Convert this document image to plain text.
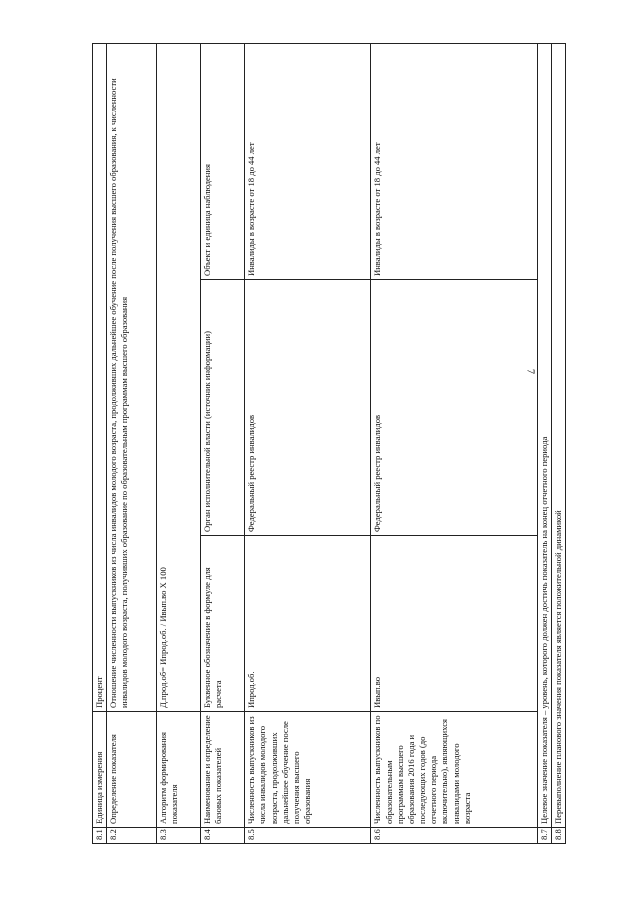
7
8.1	Единица измерения	Процент		
8.2	Определение показателя	Отношение численности выпускников из числа инвалидов молодого возраста, продолживших дальнейшее обучение после получения высшего образования, к численности инвалидов молодого возраста, получивших образование по образовательным программам высшего образования		
8.3	Алгоритм формирования показателя	Д.прод.об= Ипрод.об. / Ивып.во X 100		
8.4	Наименование и определение базовых показателей	Буквенное обозначение в формуле для расчета	Орган исполнительной власти (источник информации)	Объект и единица наблюдения
8.5	Численность выпускников из числа инвалидов молодого возраста, продолживших дальнейшее обучение после получения высшего образования	Ипрод.об.	Федеральный реестр инвалидов	Инвалиды в возрасте от 18 до 44 лет
8.6	Численность выпускников по образовательным программам высшего образования 2016 года и последующих годов (до отчетного периода включительно), являющихся инвалидами молодого возраста	Ивып.во	Федеральный реестр инвалидов	Инвалиды в возрасте от 18 до 44 лет
8.7	Целевое значение показателя – уровень, которого должен достичь показатель на конец отчетного периода			
8.8	Перевыполнение планового значения показателя является положительной динамикой			
